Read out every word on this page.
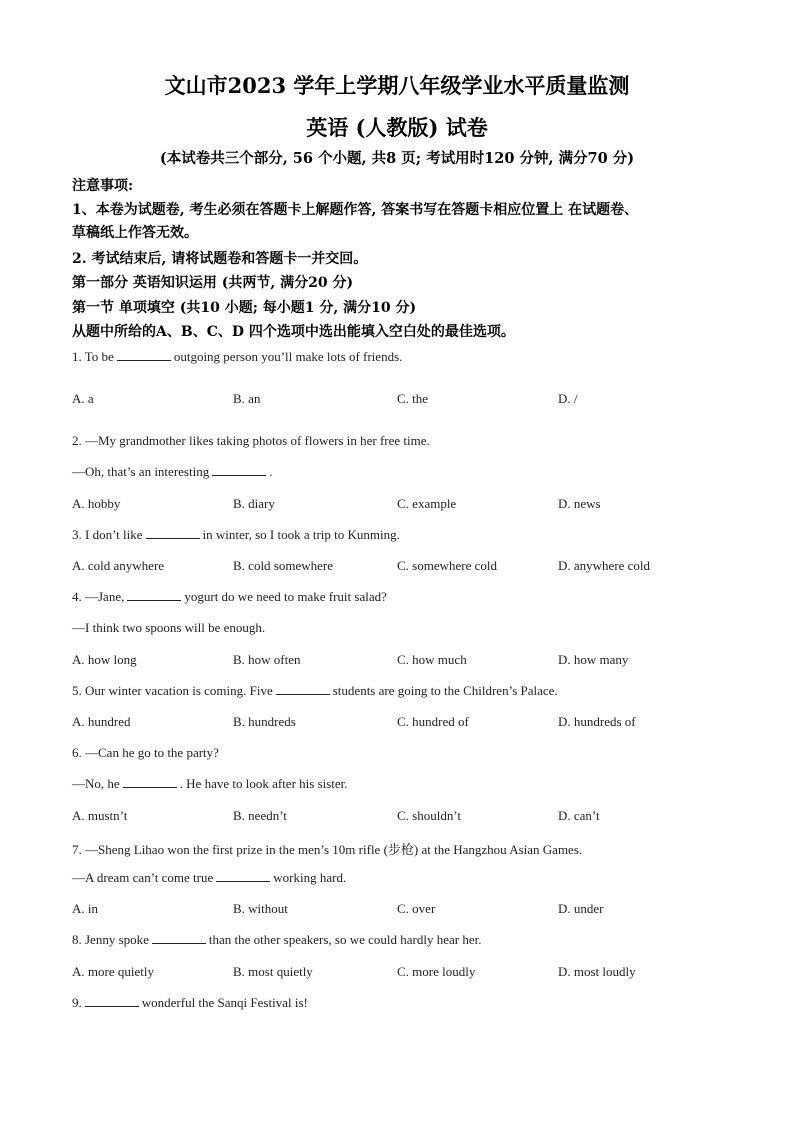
文山市2023 学年上学期八年级学业水平质量监测
英语 (人教版) 试卷
(本试卷共三个部分, 56 个小题, 共8 页; 考试用时120 分钟, 满分70 分)
注意事项:
1、本卷为试题卷, 考生必须在答题卡上解题作答, 答案书写在答题卡相应位置上 在试题卷、
草稿纸上作答无效。
2. 考试结束后, 请将试题卷和答题卡一并交回。
第一部分 英语知识运用 (共两节, 满分20 分)
第一节 单项填空 (共10 小题; 每小题1 分, 满分10 分)
从题中所给的A、B、C、D 四个选项中选出能填入空白处的最佳选项。
1. To be	outgoing person you’ll make lots of friends.
A. a	B. an	C. the	D. /
2. —My grandmother likes taking photos of flowers in her free time.
—Oh, that’s an interesting	.
A. hobby	B. diary	C. example	D. news
3. I don’t like	in winter, so I took a trip to Kunming.
A. cold anywhere	B. cold somewhere	C. somewhere cold	D. anywhere cold
4. —Jane,	yogurt do we need to make fruit salad?
—I think two spoons will be enough.
A. how long	B. how often	C. how much	D. how many
5. Our winter vacation is coming. Five	students are going to the Children’s Palace.
A. hundred	B. hundreds	C. hundred of	D. hundreds of
6. —Can he go to the party?
—No, he	. He have to look after his sister.
A. mustn’t	B. needn’t	C. shouldn’t	D. can’t
7. —Sheng Lihao won the first prize in the men’s 10m rifle (步枪) at the Hangzhou Asian Games.
—A dream can’t come true	working hard.
A. in	B. without	C. over	D. under
8. Jenny spoke	than the other speakers, so we could hardly hear her.
A. more quietly	B. most quietly	C. more loudly	D. most loudly
9.	wonderful the Sanqi Festival is!
